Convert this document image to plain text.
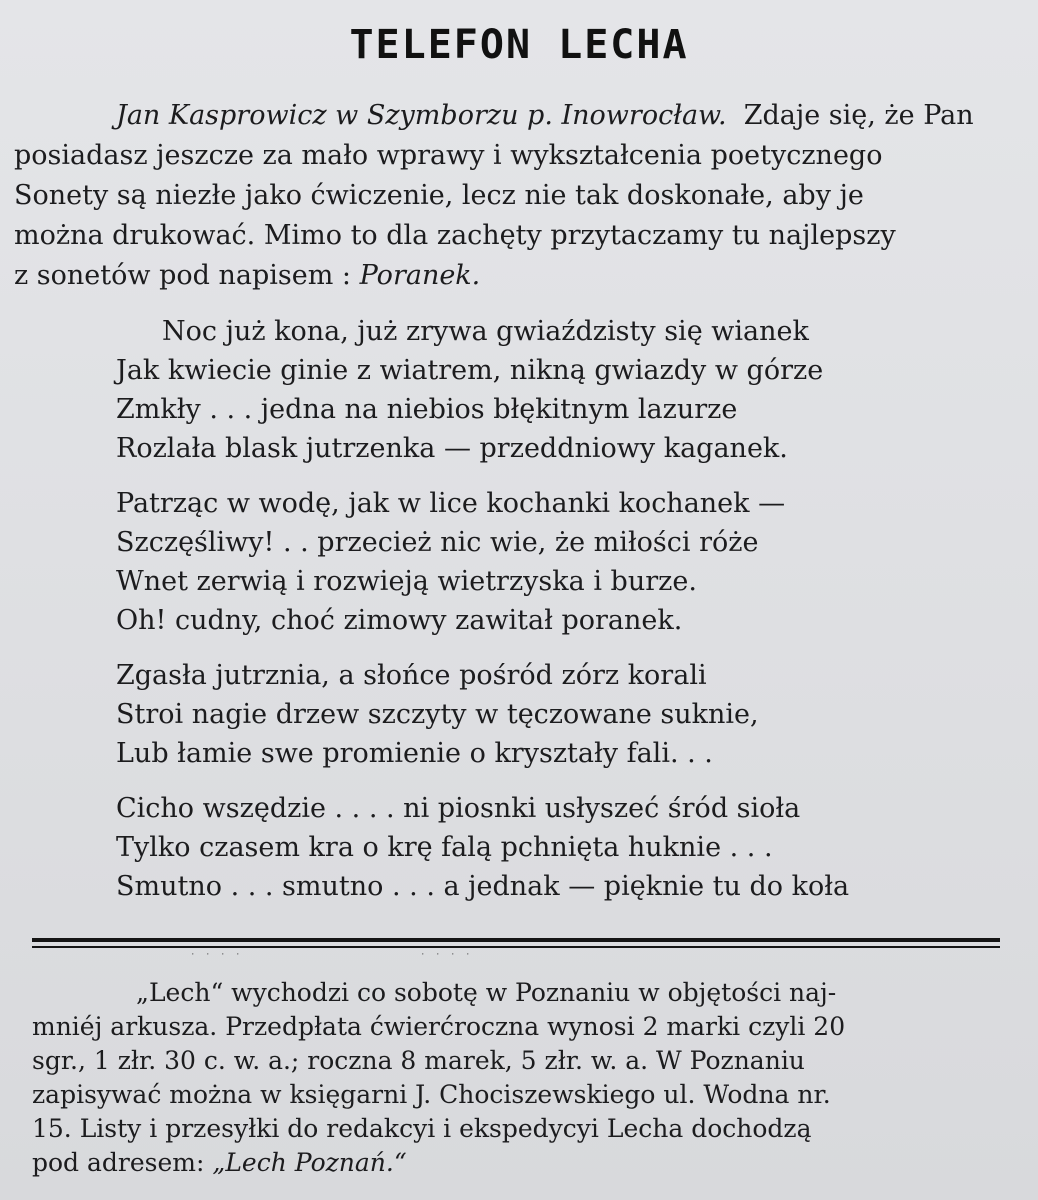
TELEFON LECHA
Jan Kasprowicz w Szymborzu p. Inowrocław. Zdaje się, że Pan
posiadasz jeszcze za mało wprawy i wykształcenia poetycznego
Sonety są niezłe jako ćwiczenie, lecz nie tak doskonałe, aby je
można drukować. Mimo to dla zachęty przytaczamy tu najlepszy
z sonetów pod napisem : Poranek.
Noc już kona, już zrywa gwiaździsty się wianek
Jak kwiecie ginie z wiatrem, nikną gwiazdy w górze
Zmkły . . . jedna na niebios błękitnym lazurze
Rozlała blask jutrzenka — przeddniowy kaganek.
Patrząc w wodę, jak w lice kochanki kochanek —
Szczęśliwy! . . przecież nic wie, że miłości róże
Wnet zerwią i rozwieją wietrzyska i burze.
Oh! cudny, choć zimowy zawitał poranek.
Zgasła jutrznia, a słońce pośród zórz korali
Stroi nagie drzew szczyty w tęczowane suknie,
Lub łamie swe promienie o kryształy fali. . .
Cicho wszędzie . . . . ni piosnki usłyszeć śród sioła
Tylko czasem kra o krę falą pchnięta huknie . . .
Smutno . . . smutno . . . a jednak — pięknie tu do koła
˙ ˙ ˙ ˙	˙ ˙ ˙ ˙
„Lech“ wychodzi co sobotę w Poznaniu w objętości naj-
mniéj arkusza. Przedpłata ćwierćroczna wynosi 2 marki czyli 20
sgr., 1 złr. 30 c. w. a.; roczna 8 marek, 5 złr. w. a. W Poznaniu
zapisywać można w księgarni J. Chociszewskiego ul. Wodna nr.
15. Listy i przesyłki do redakcyi i ekspedycyi Lecha dochodzą
pod adresem: „Lech Poznań.“
